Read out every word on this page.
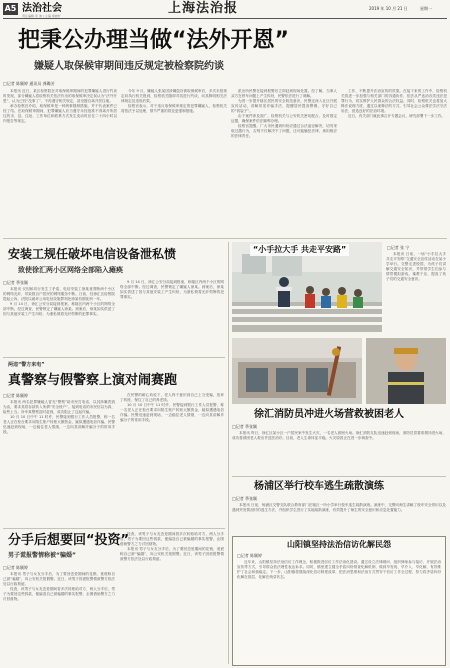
A5 法治社会
责任编辑 李 迪 | 主编 徐晓轩	上海法治报	2019 年 10 月 21 日	星期一
把秉公办理当做“法外开恩”
嫌疑人取保候审期间违反规定被检察院约谈
□记者 陈颖婷 通讯员 龚璐芳

本报讯 近日，某区检察院在对取保候审期间的犯罪嫌疑人进行约谈时发现，部分嫌疑人将检察机关依法作出的取保候审决定误认为“法外开恩”，认为已经“没事了”，不再遵守相关规定，甚至擅自离开居住地。

承办检察官介绍，取保候审是一种刑事强制措施，并不代表案件已经了结。在取保候审期间，犯罪嫌疑人应当遵守未经批准不得离开所居住的市、县，住址、工作单位和联系方式发生变动时应在二十四小时以内报告等规定。

今年 9 月，嫌疑人张某因涉嫌盗窃被取保候审后，多次未按规定向执行机关报到，检察机关随即对其进行约谈，向其释明相关法律规定及违规后果。

检察官表示，对于违反取保候审规定的犯罪嫌疑人，检察机关将依法予以处理，情节严重的将变更强制措施。

派出所民警在接到报警后立即赶到现场处置。经了解，当事人双方在停车问题上产生纠纷，民警依法进行了调解。

为进一步提升辖区居民的安全防范意识，民警还深入社区开展宣传活动，讲解常见诈骗手法，提醒居民提高警惕，守好自己的“钱袋子”。

由于案件涉及面广，检察机关与公安机关密切配合，及时固定证据，确保案件依法顺利办理。

检察官提醒，广大市民遇到纠纷应通过合法途径解决，切勿采取过激行为，否则不仅解决不了问题，还可能触犯法律，承担相应的法律责任。

工作，不断提升法治宣传的效果。在接下来的工作中，检察机关将进一步加强与相关部门的沟通协作，依法从严惩治各类违法犯罪行为，切实维护人民群众的合法权益。同时，检察机关也将加大释法说理力度，通过以案释法的方式，引导社会公众尊法学法守法用法，营造良好的法治环境。

近日，有关部门就此事召开专题会议，研究部署下一步工作。

安装工规任破坏电信设备泄私愤
致使徐汇两小区网络全部陷入瘫痪
□记者 季张颖

本报讯 仅因和同行发生了矛盾，电信安装工徐某竟剪断两个小区的网络光纤，导致数百户居民的网络服务中断。日前，经徐汇区检察院提起公诉，法院以破坏公用电信设施罪判处徐某有期徒刑一年。

9 月 14 日，徐汇公安分局接到报案，称辖区内两个小区的网络全部中断。经过调查，民警锁定了嫌疑人徐某。到案后，徐某如实供述了因与其他安装工产生纠纷，为泄私愤将光纤剪断的犯罪事实。

9 月 14 日，徐汇公安分局接到报案，称辖区内两个小区的网络全部中断。经过调查，民警锁定了嫌疑人徐某。到案后，徐某如实供述了因与其他安装工产生纠纷，为泄私愤将光纤剪断的犯罪事实。

两违“警方来电”
真警察与假警察上演对闹赛跑
□记者 陈颖婷

本报讯 两名犯罪嫌疑人冒充“警察”给市民打电话，以其涉嫌洗钱为由，要求其将存款转入所谓“安全账户”。接到电话的市民信以为真，险些上当。所幸真警察及时赶到，成功阻止了这起诈骗。

10 月 10 日中午 11 时许，民警接到银行工作人员报警，称一名老人正在柜台要求向陌生账户转账大额资金，疑似遭遇电信诈骗。民警迅速赶到现场，一边稳住老人情绪，一边向其讲解诈骗分子的常用手段。

在民警的耐心劝说下，老人终于意识到自己上当受骗，放弃了转账，保住了自己的养老钱。

10 月 10 日中午 11 时许，民警接到银行工作人员报警，称一名老人正在柜台要求向陌生账户转账大额资金，疑似遭遇电信诈骗。民警迅速赶到现场，一边稳住老人情绪，一边向其讲解诈骗分子的常用手段。

分手后想要回“投资”
男子谎报警情称被“骗婚”
□记者 陈颖婷

本报讯 男子与女友分手后，为了要回恋爱期间的花销，竟谎称自己被“骗婚”，向公安机关报假警。近日，该男子因谎报警情被警方依法处以行政拘留。

经查，该男子与女友恋爱期间曾多次转账给对方，两人分手后，男子为要回这些钱款，便编造自己被骗婚的事实报警，企图借助警方之力讨回财物。

经查，该男子与女友恋爱期间曾多次转账给对方，两人分手后，男子为要回这些钱款，便编造自己被骗婚的事实报警，企图借助警方之力讨回财物。

本报讯 男子与女友分手后，为了要回恋爱期间的花销，竟谎称自己被“骗婚”，向公安机关报假警。近日，该男子因谎报警情被警方依法处以行政拘留。

“小手拉大手 共走平安路”	□记者 张 宁
本报讯 日前，一场“小手拉大手 共走平安路”交通安全宣传活动在某小学举行。交警走进校园，为孩子们讲解交通安全知识，并带领学生们参与情景模拟游戏，寓教于乐，提高了孩子们的交通安全意识。
徐汇消防员冲进火场营救被困老人
□记者 季张颖
本报讯 昨日，徐汇区某小区一户居民家中发生火灾，一名老人被困火场。徐汇消防支队迅速赶到现场，消防员冒着浓烟冲进火场，成功将被困老人救出并送医治疗。目前，老人生命体征平稳。火灾原因正在进一步调查中。
杨浦区举行校车逃生疏散演练
□记者 季张颖
本报讯 日前，杨浦区交警支队联合教育部门在辖区一所小学举行校车逃生疏散演练。演练中，交警向师生讲解了校车安全常识以及遇到突发情况时的逃生方法，并组织学生进行了实地疏散演练，有效提升了师生的安全意识和应急处置能力。
山阳镇坚持法治信访化解民怨
□记者 陈颖婷
近年来，山阳镇坚持法治信访工作理念，积极推进信访工作法治化建设。通过设立法律顾问、组织律师参与接访、开展法治宣传等方式，引导群众依法理性表达诉求。同时，镇里建立健全矛盾纠纷排查化解机制，做到早发现、早介入、早化解，有效维护了社会和谐稳定。下一步，山阳镇将继续深化信访制度改革，把法治思维和法治方式贯穿于信访工作全过程，努力将矛盾纠纷化解在基层、化解在萌芽状态。
